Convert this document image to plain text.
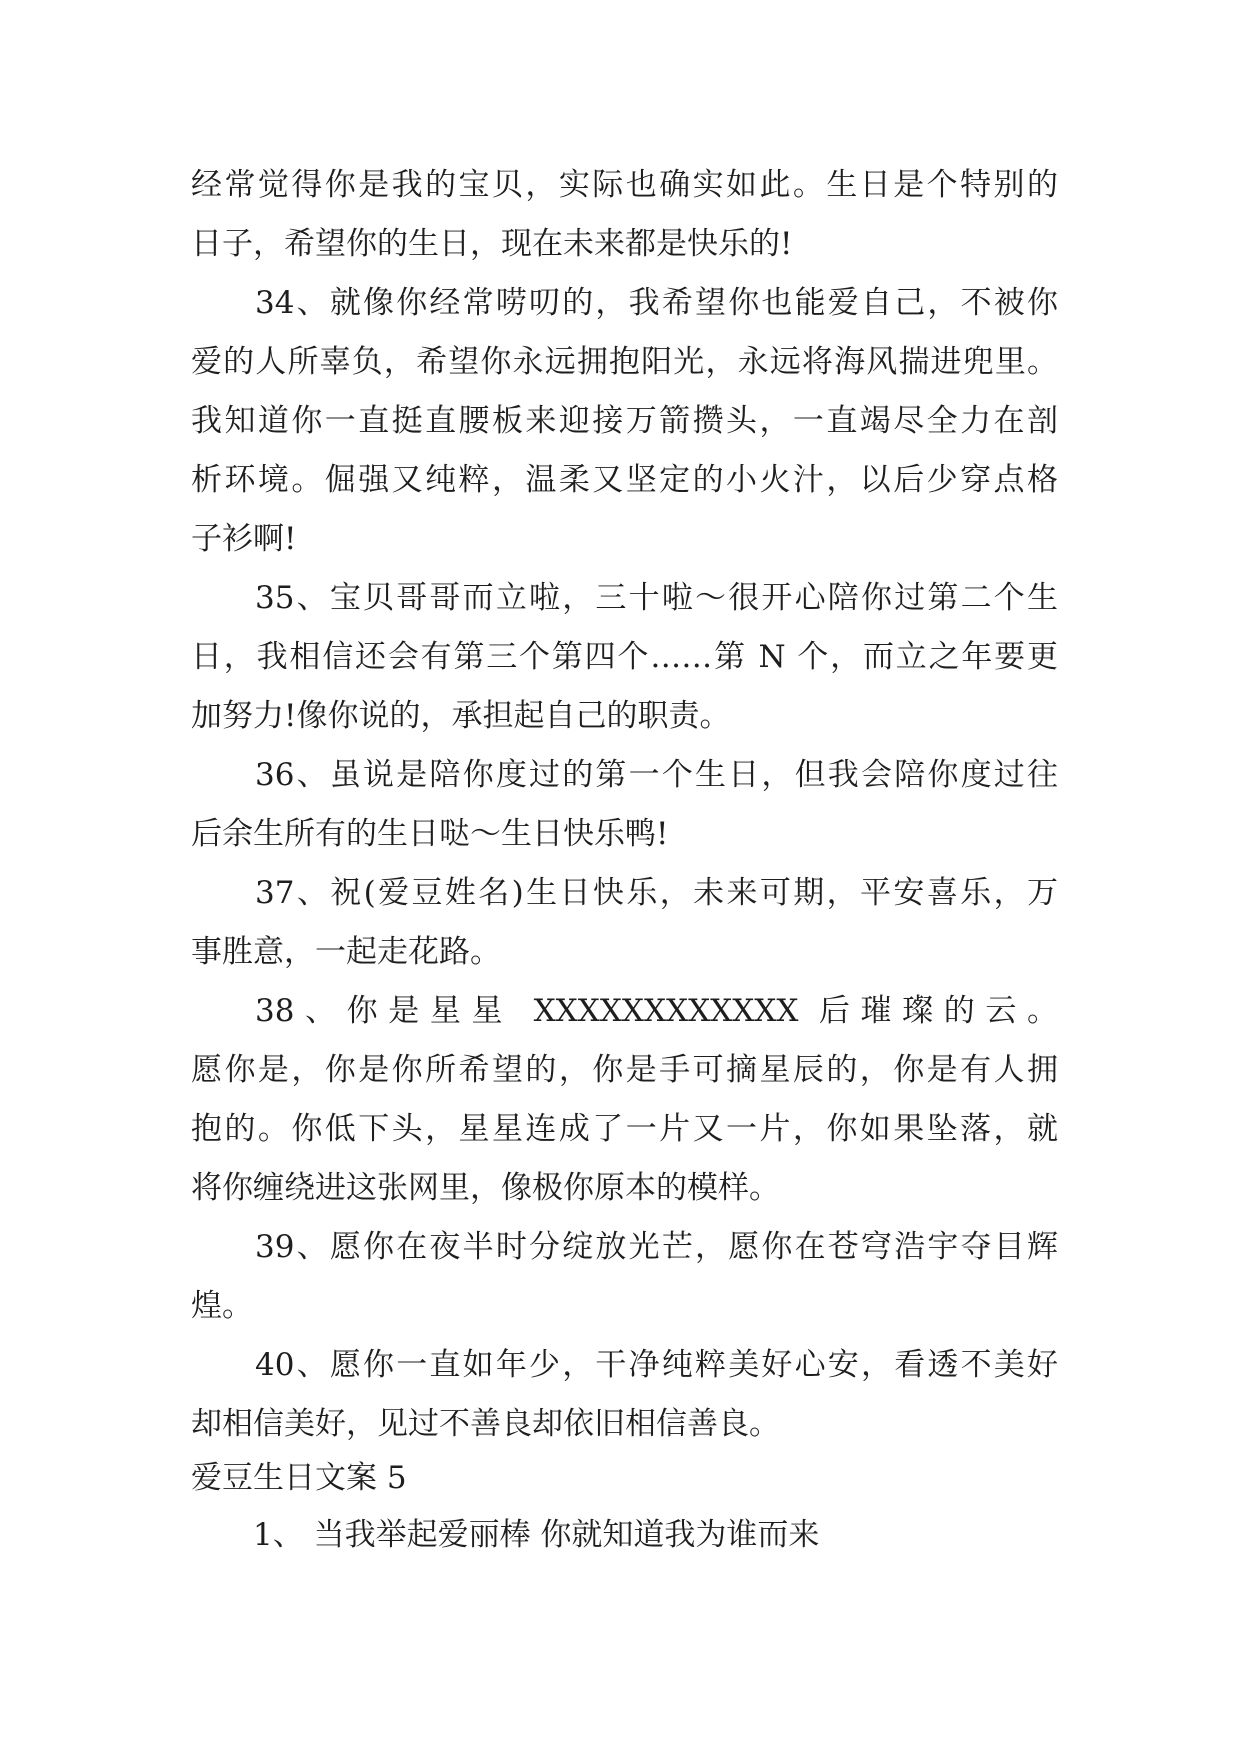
经常觉得你是我的宝贝，实际也确实如此。生日是个特别的
日子，希望你的生日，现在未来都是快乐的!
34、就像你经常唠叨的，我希望你也能爱自己，不被你
爱的人所辜负，希望你永远拥抱阳光，永远将海风揣进兜里。
我知道你一直挺直腰板来迎接万箭攒头，一直竭尽全力在剖
析环境。倔强又纯粹，温柔又坚定的小火汁，以后少穿点格
子衫啊!
35、宝贝哥哥而立啦，三十啦～很开心陪你过第二个生
日，我相信还会有第三个第四个……第 N 个，而立之年要更
加努力!像你说的，承担起自己的职责。
36、虽说是陪你度过的第一个生日，但我会陪你度过往
后余生所有的生日哒～生日快乐鸭!
37、祝(爱豆姓名)生日快乐，未来可期，平安喜乐，万
事胜意，一起走花路。
38、你是星星 XXXXXXXXXXXX 后璀璨的云。
愿你是，你是你所希望的，你是手可摘星辰的，你是有人拥
抱的。你低下头，星星连成了一片又一片，你如果坠落，就
将你缠绕进这张网里，像极你原本的模样。
39、愿你在夜半时分绽放光芒，愿你在苍穹浩宇夺目辉
煌。
40、愿你一直如年少，干净纯粹美好心安，看透不美好
却相信美好，见过不善良却依旧相信善良。
爱豆生日文案 5
1、 当我举起爱丽棒 你就知道我为谁而来
